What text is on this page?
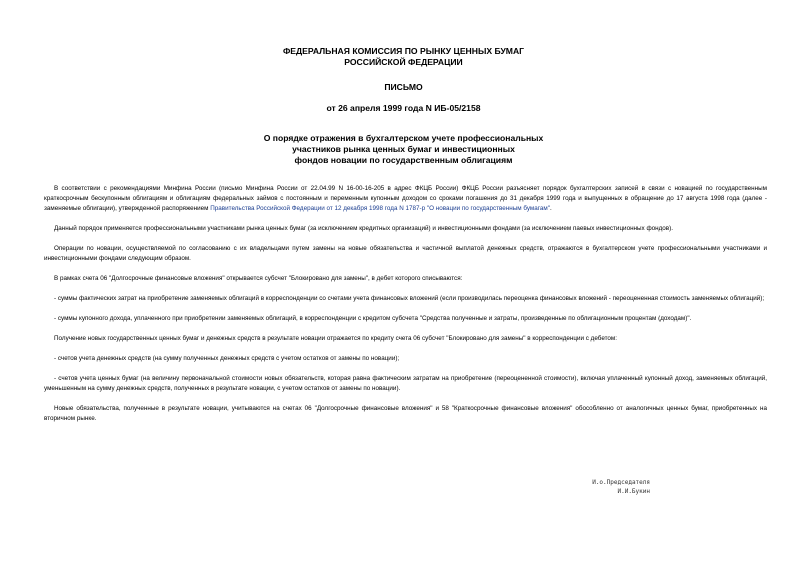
ФЕДЕРАЛЬНАЯ КОМИССИЯ ПО РЫНКУ ЦЕННЫХ БУМАГ
РОССИЙСКОЙ ФЕДЕРАЦИИ
ПИСЬМО
от 26 апреля 1999 года N ИБ-05/2158
О порядке отражения в бухгалтерском учете профессиональных
участников рынка ценных бумаг и инвестиционных
фондов новации по государственным облигациям

В соответствии с рекомендациями Минфина России (письмо Минфина России от 22.04.99 N 16-00-16-205 в адрес ФКЦБ России) ФКЦБ России разъясняет порядок бухгалтерских записей в связи с новацией по государственным краткосрочным бескупонным облигациям и облигациям федеральных займов с постоянным и переменным купонным доходом со сроками погашения до 31 декабря 1999 года и выпущенных в обращение до 17 августа 1998 года (далее - заменяемые облигации), утвержденной распоряжением Правительства Российской Федерации от 12 декабря 1998 года N 1787-р "О новации по государственным бумагам".

Данный порядок применяется профессиональными участниками рынка ценных бумаг (за исключением кредитных организаций) и инвестиционными фондами (за исключением паевых инвестиционных фондов).

Операции по новации, осуществляемой по согласованию с их владельцами путем замены на новые обязательства и частичной выплатой денежных средств, отражаются в бухгалтерском учете профессиональными участниками и инвестиционными фондами следующим образом.

В рамках счета 06 "Долгосрочные финансовые вложения" открывается субсчет "Блокировано для замены", в дебет которого списываются:

- суммы фактических затрат на приобретение заменяемых облигаций в корреспонденции со счетами учета финансовых вложений (если производилась переоценка финансовых вложений - переоцененная стоимость заменяемых облигаций);

- суммы купонного дохода, уплаченного при приобретении заменяемых облигаций, в корреспонденции с кредитом субсчета "Средства полученные и затраты, произведенные по облигационным процентам (доходам)".

Получение новых государственных ценных бумаг и денежных средств в результате новации отражается по кредиту счета 06 субсчет "Блокировано для замены" в корреспонденции с дебетом:

- счетов учета денежных средств (на сумму полученных денежных средств с учетом остатков от замены по новации);

- счетов учета ценных бумаг (на величину первоначальной стоимости новых обязательств, которая равна фактическим затратам на приобретение (переоцененной стоимости), включая уплаченный купонный доход, заменяемых облигаций, уменьшенным на сумму денежных средств, полученных в результате новации, с учетом остатков от замены по новации).

Новые обязательства, полученные в результате новации, учитываются на счетах 06 "Долгосрочные финансовые вложения" и 58 "Краткосрочные финансовые вложения" обособленно от аналогичных ценных бумаг, приобретенных на вторичном рынке.

И.о.Председателя
И.И.Букин
